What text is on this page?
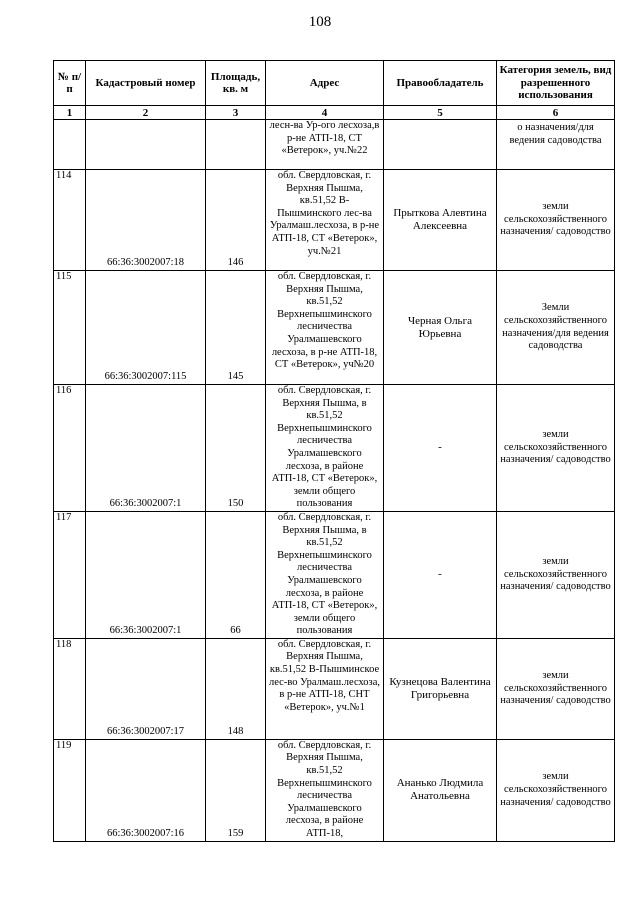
108
№ п/п	Кадастровый номер	Площадь, кв. м	Адрес	Правообладатель	Категория земель, вид разрешенного использования
1	2	3	4	5	6
			лесн-ва Ур-ого лесхоза,в р-не АТП-18, СТ «Ветерок», уч.№22		о назначения/для ведения садоводства
114	66:36:3002007:18	146	обл. Свердловская, г. Верхняя Пышма, кв.51,52 В-Пышминского лес-ва Уралмаш.лесхоза, в р-не АТП-18, СТ «Ветерок», уч.№21	Прыткова Алевтина Алексеевна	земли сельскохозяйственного назначения/ садоводство
115	66:36:3002007:115	145	обл. Свердловская, г. Верхняя Пышма, кв.51,52 Верхнепышминского лесничества Уралмашевского лесхоза, в р-не АТП-18, СТ «Ветерок», уч№20	Черная Ольга Юрьевна	Земли сельскохозяйственного назначения/для ведения садоводства
116	66:36:3002007:1	150	обл. Свердловская, г. Верхняя Пышма, в кв.51,52 Верхнепышминского лесничества Уралмашевского лесхоза, в районе АТП-18, СТ «Ветерок», земли общего пользования	-	земли сельскохозяйственного назначения/ садоводство
117	66:36:3002007:1	66	обл. Свердловская, г. Верхняя Пышма, в кв.51,52 Верхнепышминского лесничества Уралмашевского лесхоза, в районе АТП-18, СТ «Ветерок», земли общего пользования	-	земли сельскохозяйственного назначения/ садоводство
118	66:36:3002007:17	148	обл. Свердловская, г. Верхняя Пышма, кв.51,52 В-Пышминское лес-во Уралмаш.лесхоза, в р-не АТП-18, СНТ «Ветерок», уч.№1	Кузнецова Валентина Григорьевна	земли сельскохозяйственного назначения/ садоводство
119	66:36:3002007:16	159	обл. Свердловская, г. Верхняя Пышма, кв.51,52 Верхнепышминского лесничества Уралмашевского лесхоза, в районе АТП-18,	Ананько Людмила Анатольевна	земли сельскохозяйственного назначения/ садоводство
